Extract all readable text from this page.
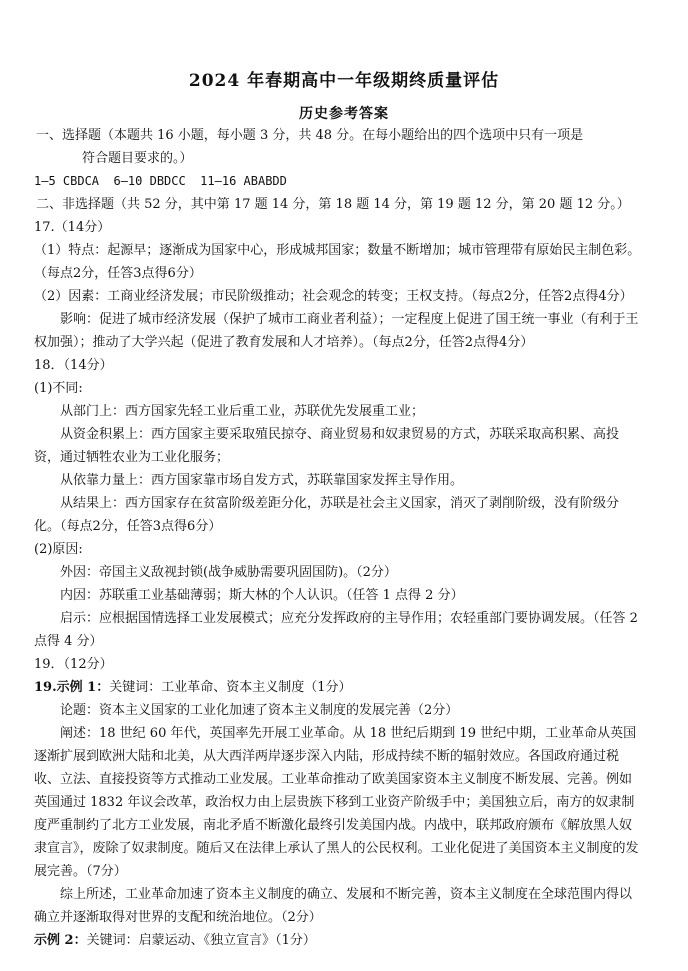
2024 年春期高中一年级期终质量评估
历史参考答案

一、选择题（本题共 16 小题，每小题 3 分，共 48 分。在每小题给出的四个选项中只有一项是

符合题目要求的。）

1—5 CBDCA  6—10 DBDCC  11—16 ABABDD

二、非选择题（共 52 分，其中第 17 题 14 分，第 18 题 14 分，第 19 题 12 分，第 20 题 12 分。）

17.（14分）

（1）特点：起源早；逐渐成为国家中心，形成城邦国家；数量不断增加；城市管理带有原始民主制色彩。（每点2分，任答3点得6分）

（2）因素：工商业经济发展；市民阶级推动；社会观念的转变；王权支持。（每点2分，任答2点得4分）

影响：促进了城市经济发展（保护了城市工商业者利益）；一定程度上促进了国王统一事业（有利于王权加强）；推动了大学兴起（促进了教育发展和人才培养）。（每点2分，任答2点得4分）

18．（14分）

(1)不同:

从部门上：西方国家先轻工业后重工业，苏联优先发展重工业；

从资金积累上：西方国家主要采取殖民掠夺、商业贸易和奴隶贸易的方式，苏联采取高积累、高投资，通过牺牲农业为工业化服务；

从依靠力量上：西方国家靠市场自发方式，苏联靠国家发挥主导作用。

从结果上：西方国家存在贫富阶级差距分化，苏联是社会主义国家，消灭了剥削阶级，没有阶级分化。（每点2分，任答3点得6分）

(2)原因:

外因：帝国主义敌视封锁(战争威胁需要巩固国防)。（2分）

内因：苏联重工业基础薄弱；斯大林的个人认识。（任答 1 点得 2 分）

启示：应根据国情选择工业发展模式；应充分发挥政府的主导作用；农轻重部门要协调发展。（任答 2 点得 4 分）

19．（12分）

19.示例 1：关键词：工业革命、资本主义制度（1分）

论题：资本主义国家的工业化加速了资本主义制度的发展完善（2分）

阐述：18 世纪 60 年代，英国率先开展工业革命。从 18 世纪后期到 19 世纪中期，工业革命从英国逐渐扩展到欧洲大陆和北美，从大西洋两岸逐步深入内陆，形成持续不断的辐射效应。各国政府通过税收、立法、直接投资等方式推动工业发展。工业革命推动了欧美国家资本主义制度不断发展、完善。例如英国通过 1832 年议会改革，政治权力由上层贵族下移到工业资产阶级手中；美国独立后，南方的奴隶制度严重制约了北方工业发展，南北矛盾不断激化最终引发美国内战。内战中，联邦政府颁布《解放黑人奴隶宣言》，废除了奴隶制度。随后又在法律上承认了黑人的公民权利。工业化促进了美国资本主义制度的发展完善。（7分）

综上所述，工业革命加速了资本主义制度的确立、发展和不断完善，资本主义制度在全球范围内得以确立并逐渐取得对世界的支配和统治地位。（2分）

示例 2：关键词：启蒙运动、《独立宣言》（1分）
